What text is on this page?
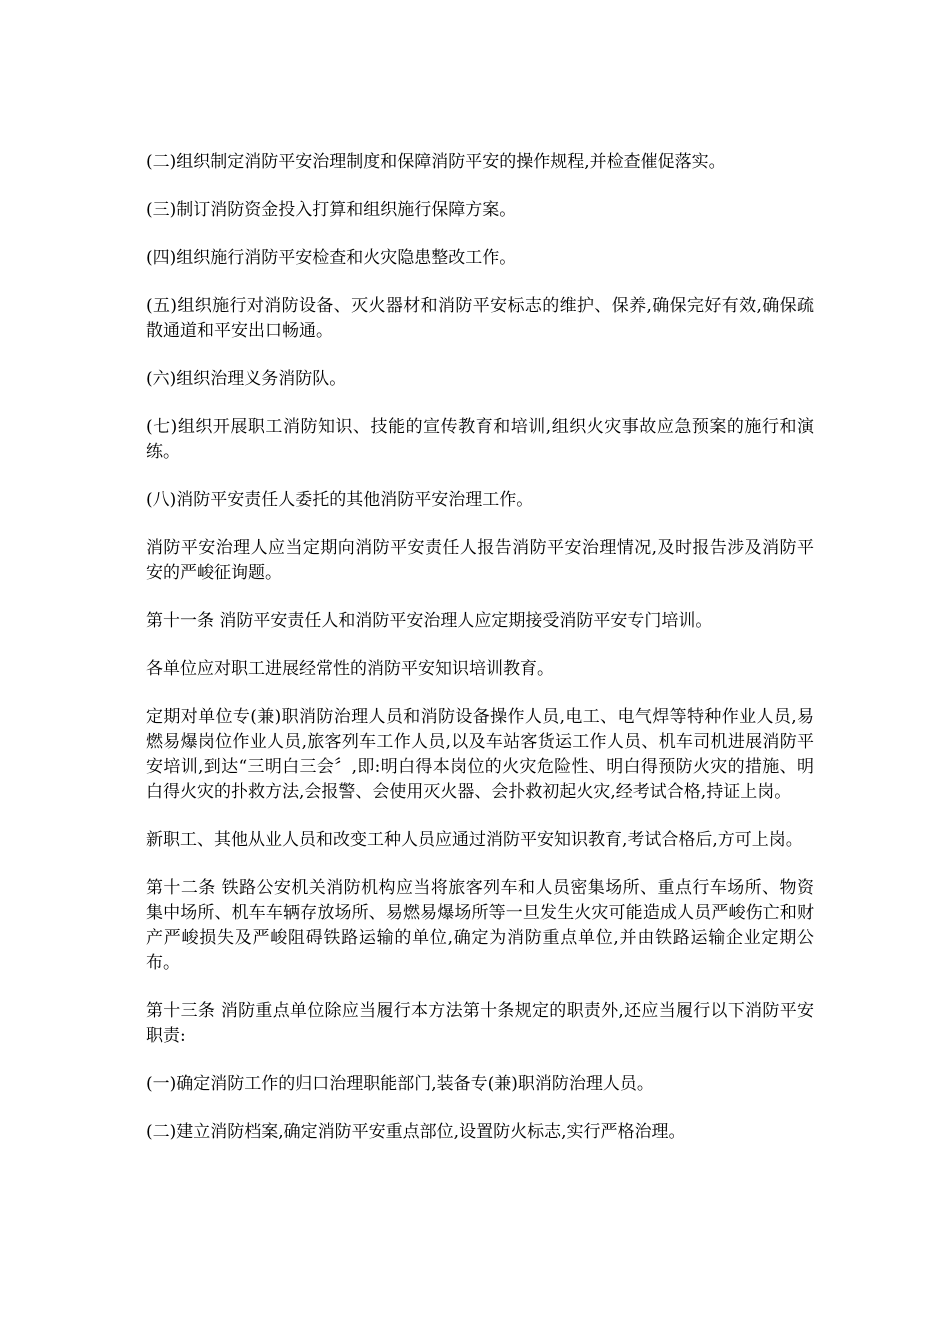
(二)组织制定消防平安治理制度和保障消防平安的操作规程,并检查催促落实。

(三)制订消防资金投入打算和组织施行保障方案。

(四)组织施行消防平安检查和火灾隐患整改工作。

(五)组织施行对消防设备、灭火器材和消防平安标志的维护、保养,确保完好有效,确保疏散通道和平安出口畅通。

(六)组织治理义务消防队。

(七)组织开展职工消防知识、技能的宣传教育和培训,组织火灾事故应急预案的施行和演练。

(八)消防平安责任人委托的其他消防平安治理工作。

消防平安治理人应当定期向消防平安责任人报告消防平安治理情况,及时报告涉及消防平安的严峻征询题。

第十一条 消防平安责任人和消防平安治理人应定期接受消防平安专门培训。

各单位应对职工进展经常性的消防平安知识培训教育。

定期对单位专(兼)职消防治理人员和消防设备操作人员,电工、电气焊等特种作业人员,易燃易爆岗位作业人员,旅客列车工作人员,以及车站客货运工作人员、机车司机进展消防平安培训,到达“三明白三会〞,即:明白得本岗位的火灾危险性、明白得预防火灾的措施、明白得火灾的扑救方法,会报警、会使用灭火器、会扑救初起火灾,经考试合格,持证上岗。

新职工、其他从业人员和改变工种人员应通过消防平安知识教育,考试合格后,方可上岗。

第十二条 铁路公安机关消防机构应当将旅客列车和人员密集场所、重点行车场所、物资集中场所、机车车辆存放场所、易燃易爆场所等一旦发生火灾可能造成人员严峻伤亡和财产严峻损失及严峻阻碍铁路运输的单位,确定为消防重点单位,并由铁路运输企业定期公布。

第十三条 消防重点单位除应当履行本方法第十条规定的职责外,还应当履行以下消防平安职责:

(一)确定消防工作的归口治理职能部门,装备专(兼)职消防治理人员。

(二)建立消防档案,确定消防平安重点部位,设置防火标志,实行严格治理。
